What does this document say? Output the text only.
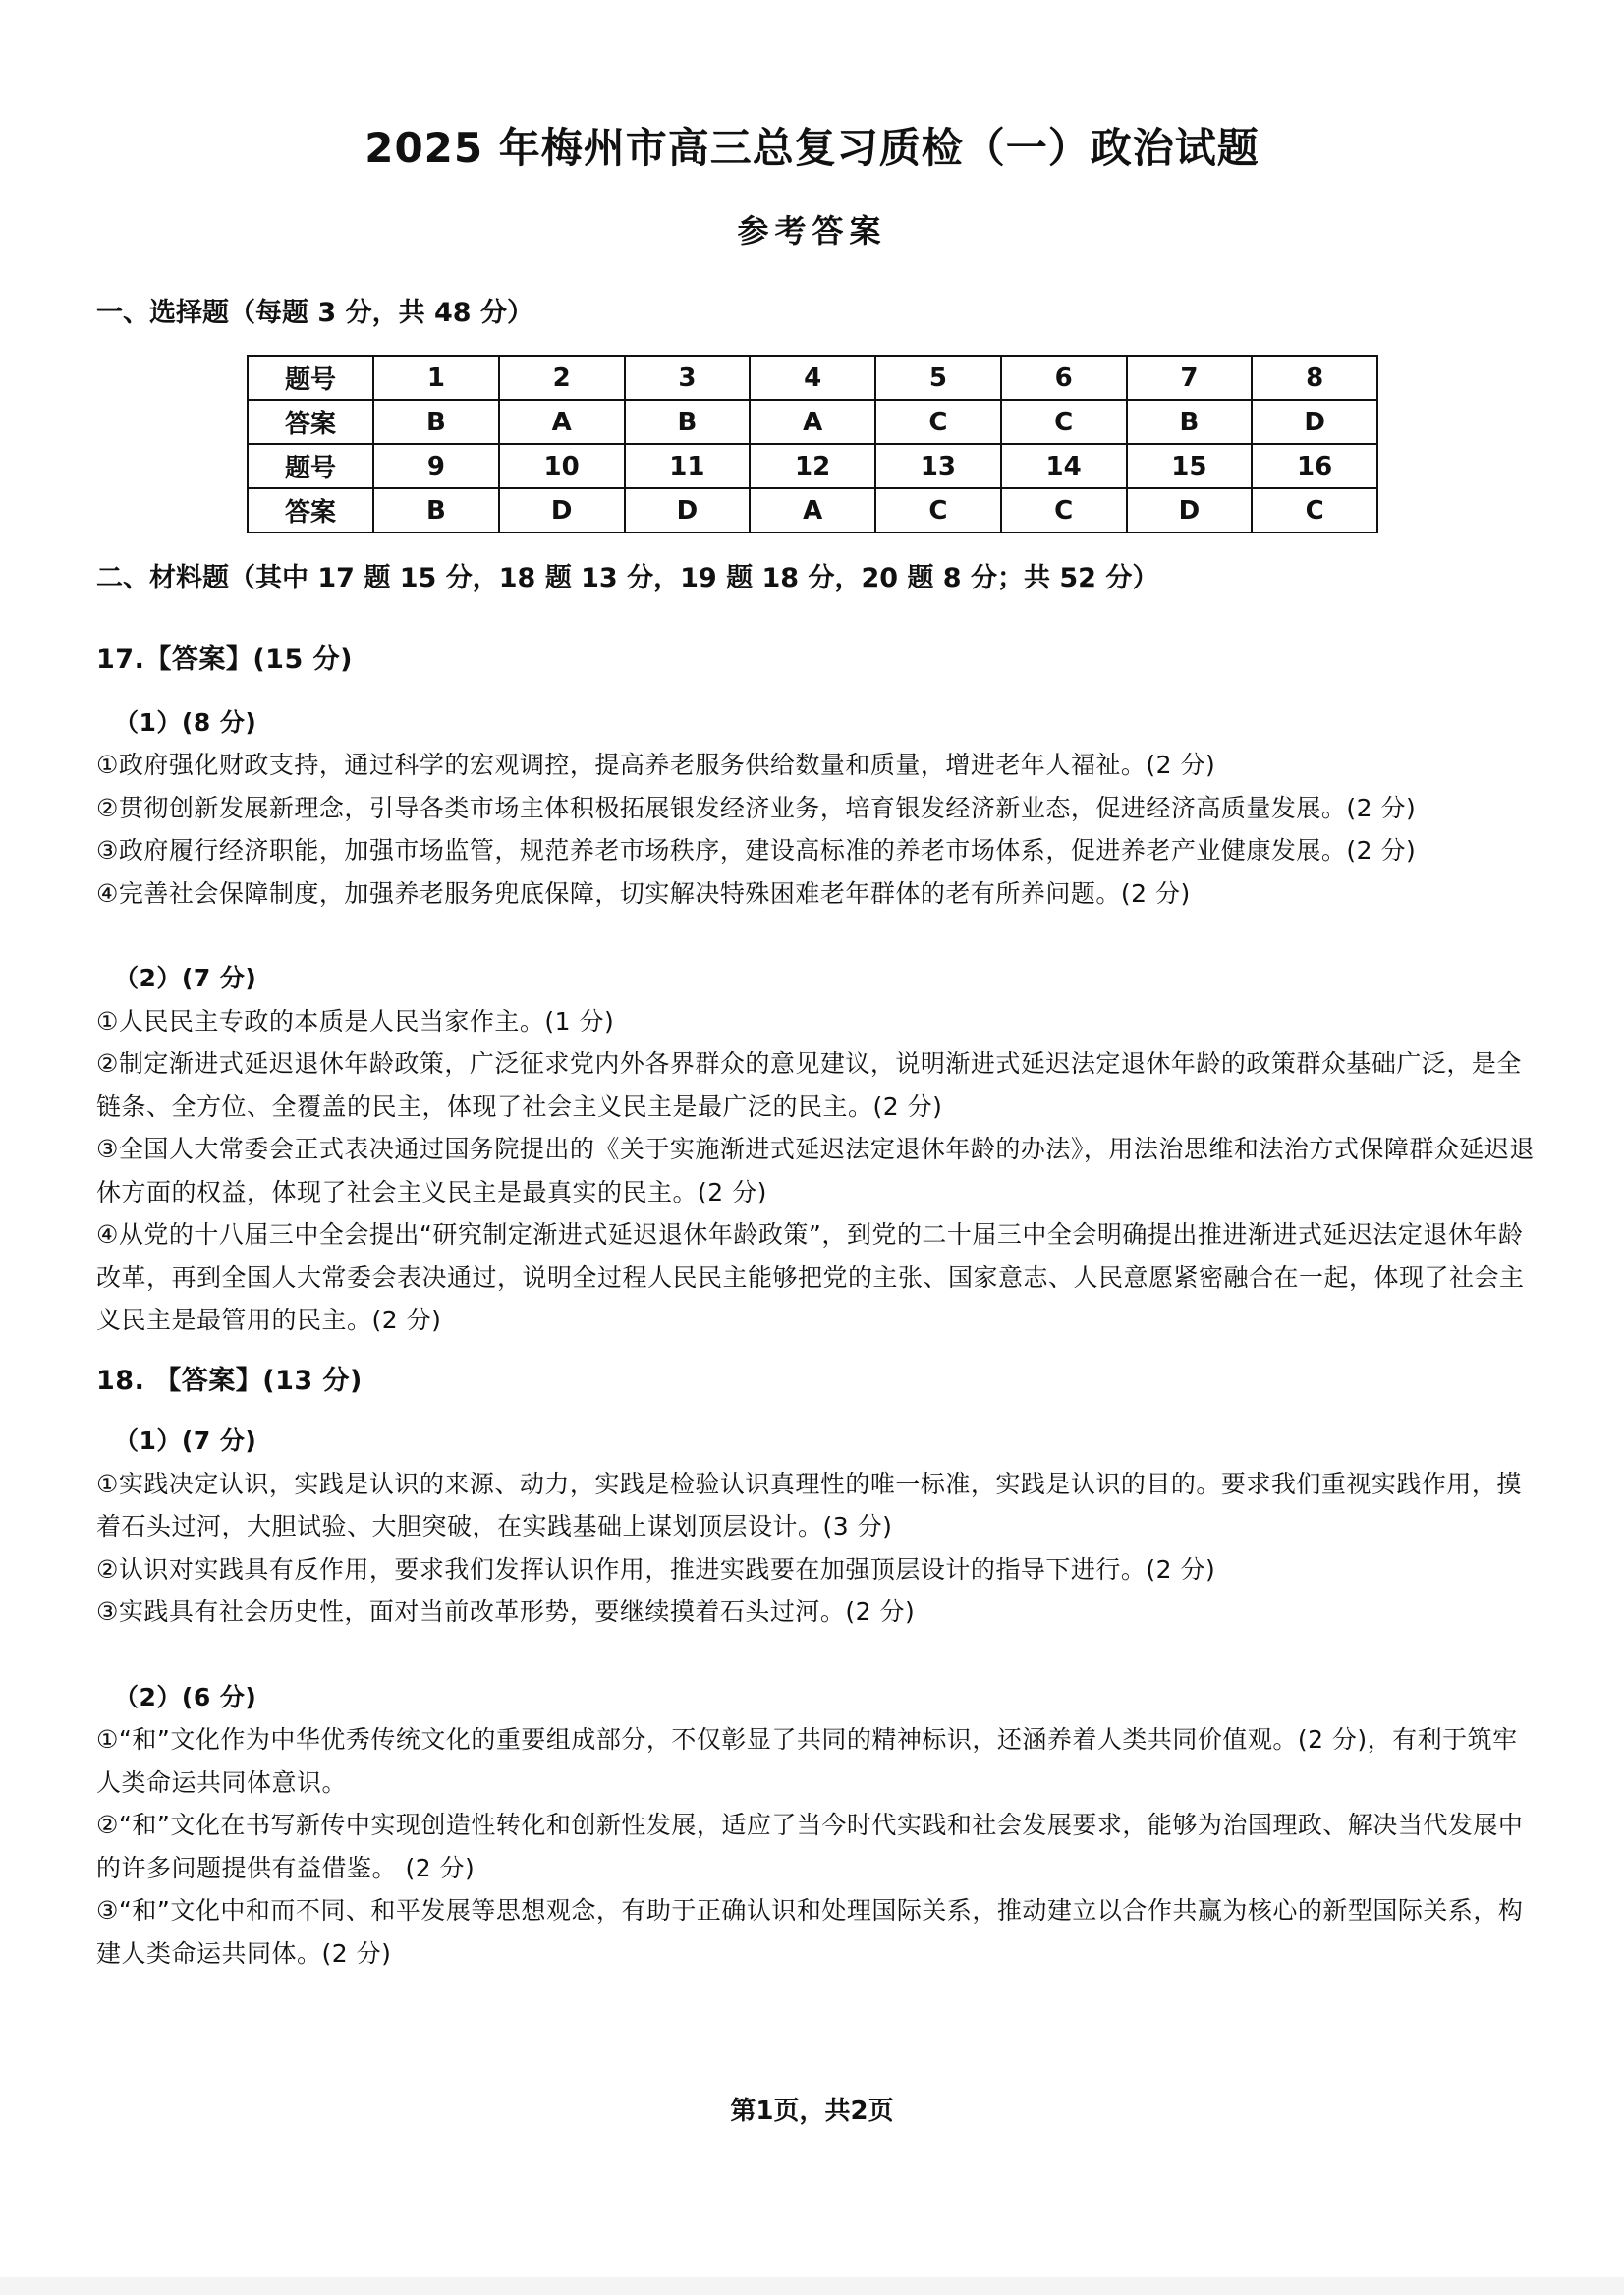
2025 年梅州市高三总复习质检（一）政治试题
参考答案
一、选择题（每题 3 分，共 48 分）
题号	1	2	3	4	5	6	7	8
答案	B	A	B	A	C	C	B	D
题号	9	10	11	12	13	14	15	16
答案	B	D	D	A	C	C	D	C
二、材料题（其中 17 题 15 分，18 题 13 分，19 题 18 分，20 题 8 分；共 52 分）

17.【答案】(15 分)

（1）(8 分)

①政府强化财政支持，通过科学的宏观调控，提高养老服务供给数量和质量，增进老年人福祉。(2 分)

②贯彻创新发展新理念，引导各类市场主体积极拓展银发经济业务，培育银发经济新业态，促进经济高质量发展。(2 分)

③政府履行经济职能，加强市场监管，规范养老市场秩序，建设高标准的养老市场体系，促进养老产业健康发展。(2 分)

④完善社会保障制度，加强养老服务兜底保障，切实解决特殊困难老年群体的老有所养问题。(2 分)

（2）(7 分)

①人民民主专政的本质是人民当家作主。(1 分)

②制定渐进式延迟退休年龄政策，广泛征求党内外各界群众的意见建议，说明渐进式延迟法定退休年龄的政策群众基础广泛，是全链条、全方位、全覆盖的民主，体现了社会主义民主是最广泛的民主。(2 分)

③全国人大常委会正式表决通过国务院提出的《关于实施渐进式延迟法定退休年龄的办法》，用法治思维和法治方式保障群众延迟退休方面的权益，体现了社会主义民主是最真实的民主。(2 分)

④从党的十八届三中全会提出“研究制定渐进式延迟退休年龄政策”，到党的二十届三中全会明确提出推进渐进式延迟法定退休年龄改革，再到全国人大常委会表决通过，说明全过程人民民主能够把党的主张、国家意志、人民意愿紧密融合在一起，体现了社会主义民主是最管用的民主。(2 分)

18. 【答案】(13 分)

（1）(7 分)

①实践决定认识，实践是认识的来源、动力，实践是检验认识真理性的唯一标准，实践是认识的目的。要求我们重视实践作用，摸着石头过河，大胆试验、大胆突破，在实践基础上谋划顶层设计。(3 分)

②认识对实践具有反作用，要求我们发挥认识作用，推进实践要在加强顶层设计的指导下进行。(2 分)

③实践具有社会历史性，面对当前改革形势，要继续摸着石头过河。(2 分)

（2）(6 分)

①“和”文化作为中华优秀传统文化的重要组成部分，不仅彰显了共同的精神标识，还涵养着人类共同价值观。(2 分)，有利于筑牢人类命运共同体意识。

②“和”文化在书写新传中实现创造性转化和创新性发展，适应了当今时代实践和社会发展要求，能够为治国理政、解决当代发展中的许多问题提供有益借鉴。 (2 分)

③“和”文化中和而不同、和平发展等思想观念，有助于正确认识和处理国际关系，推动建立以合作共赢为核心的新型国际关系，构建人类命运共同体。(2 分)

第1页，共2页
